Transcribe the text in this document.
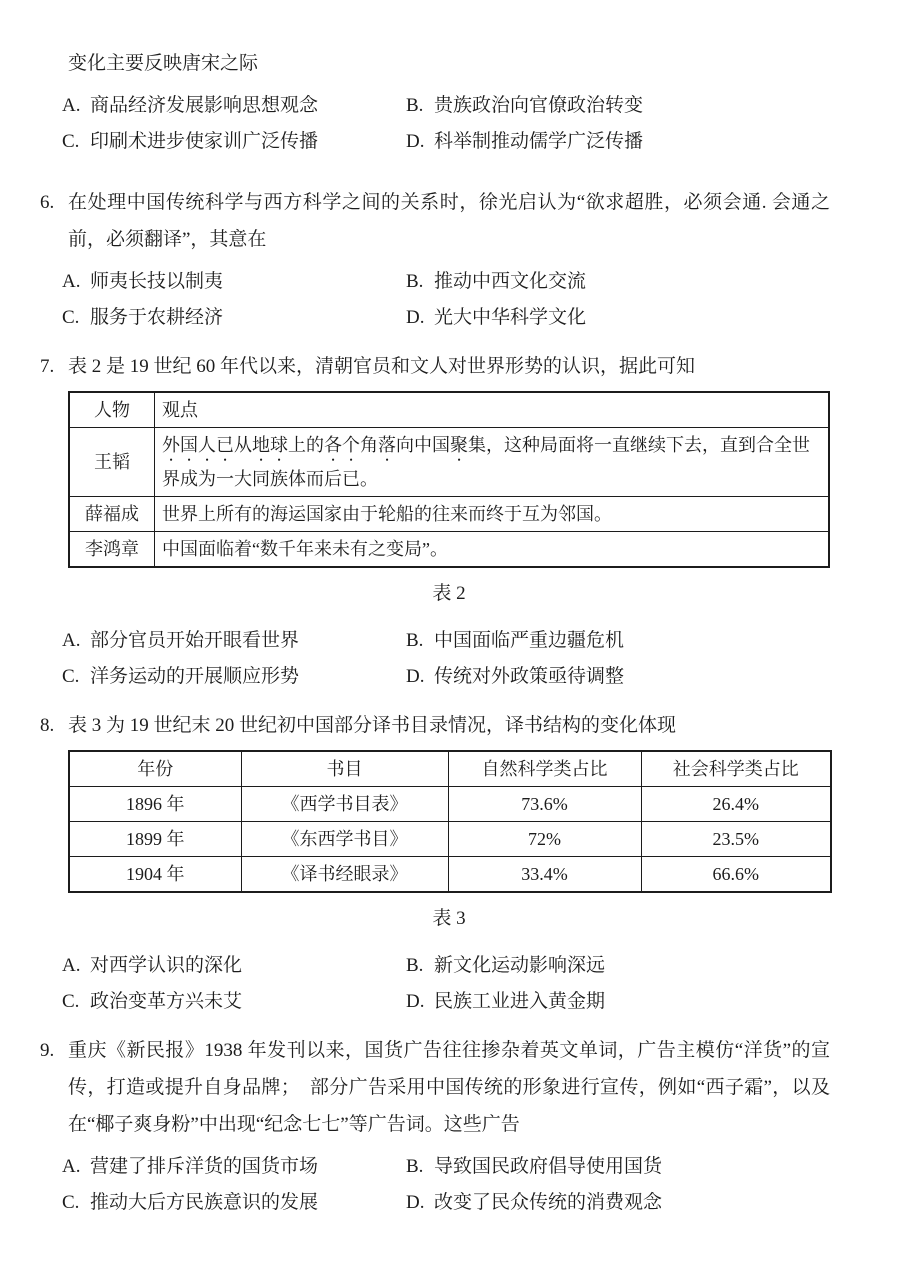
变化主要反映唐宋之际
A. 商品经济发展影响思想观念	B. 贵族政治向官僚政治转变
C. 印刷术进步使家训广泛传播	D. 科举制推动儒学广泛传播
6. 在处理中国传统科学与西方科学之间的关系时，徐光启认为“欲求超胜，必须会通. 会通之前，必须翻译”，其意在
A. 师夷长技以制夷	B. 推动中西文化交流
C. 服务于农耕经济	D. 光大中华科学文化
7. 表 2 是 19 世纪 60 年代以来，清朝官员和文人对世界形势的认识，据此可知
人物	观点
王韬	外国人已从地球上的各个角落向中国聚集，这种局面将一直继续下去，直到合全世界成为一大同族体而后已。
薛福成	世界上所有的海运国家由于轮船的往来而终于互为邻国。
李鸿章	中国面临着“数千年来未有之变局”。
表 2
A. 部分官员开始开眼看世界	B. 中国面临严重边疆危机
C. 洋务运动的开展顺应形势	D. 传统对外政策亟待调整
8. 表 3 为 19 世纪末 20 世纪初中国部分译书目录情况，译书结构的变化体现
年份	书目	自然科学类占比	社会科学类占比
1896 年	《西学书目表》	73.6%	26.4%
1899 年	《东西学书目》	72%	23.5%
1904 年	《译书经眼录》	33.4%	66.6%
表 3
A. 对西学认识的深化	B. 新文化运动影响深远
C. 政治变革方兴未艾	D. 民族工业进入黄金期
9. 重庆《新民报》1938 年发刊以来，国货广告往往掺杂着英文单词，广告主模仿“洋货”的宣传，打造或提升自身品牌；　部分广告采用中国传统的形象进行宣传，例如“西子霜”，以及在“椰子爽身粉”中出现“纪念七七”等广告词。这些广告
A. 营建了排斥洋货的国货市场	B. 导致国民政府倡导使用国货
C. 推动大后方民族意识的发展	D. 改变了民众传统的消费观念
